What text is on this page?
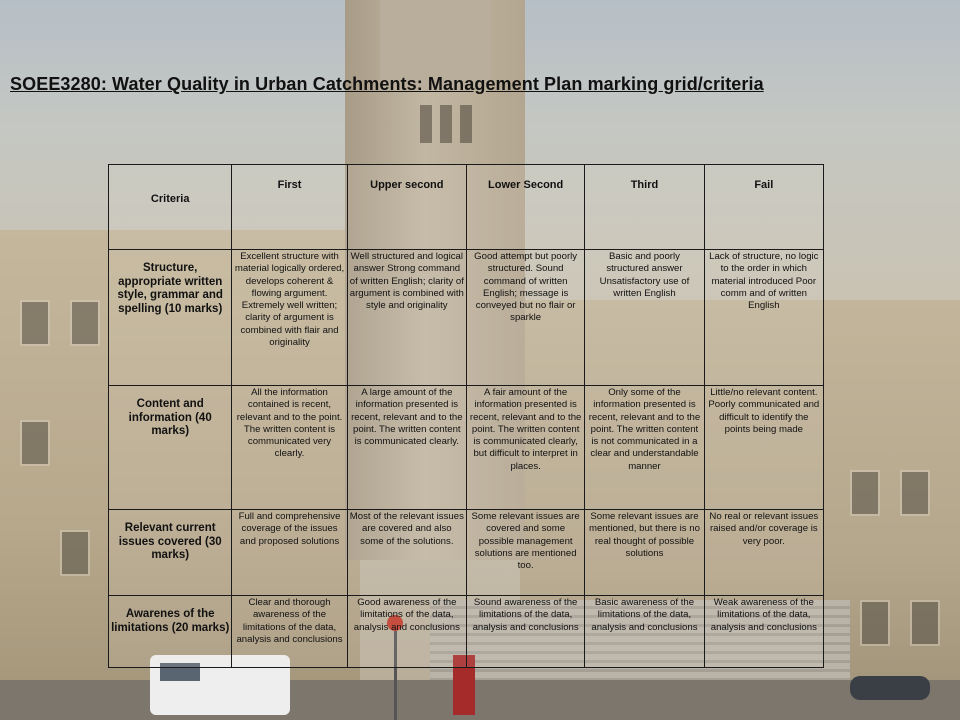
SOEE3280: Water Quality in Urban Catchments: Management Plan marking grid/criteria
Criteria	First	Upper second	Lower Second	Third	Fail
Structure, appropriate written style, grammar and spelling (10 marks)	Excellent structure with material logically ordered, develops coherent & flowing argument. Extremely well written; clarity of argument is combined with flair and originality	Well structured and logical answer Strong command of written English; clarity of argument is combined with style and originality	Good attempt but poorly structured. Sound command of written English; message is conveyed but no flair or sparkle	Basic and poorly structured answer Unsatisfactory use of written English	Lack of structure, no logic to the order in which material introduced Poor comm and of written English
Content and information (40 marks)	All the information contained is recent, relevant and to the point. The written content is communicated very clearly.	A large amount of the information presented is recent, relevant and to the point. The written content is communicated clearly.	A fair amount of the information presented is recent, relevant and to the point. The written content is communicated clearly, but difficult to interpret in places.	Only some of the information presented is recent, relevant and to the point. The written content is not communicated in a clear and understandable manner	Little/no relevant content. Poorly communicated and difficult to identify the points being made
Relevant current issues covered (30 marks)	Full and comprehensive coverage of the issues and proposed solutions	Most of the relevant issues are covered and also some of the solutions.	Some relevant issues are covered and some possible management solutions are mentioned too.	Some relevant issues are mentioned, but there is no real thought of possible solutions	No real or relevant issues raised and/or coverage is very poor.
Awarenes of the limitations (20 marks)	Clear and thorough awareness of the limitations of the data, analysis and conclusions	Good awareness of the limitations of the data, analysis and conclusions	Sound awareness of the limitations of the data, analysis and conclusions	Basic awareness of the limitations of the data, analysis and conclusions	Weak awareness of the limitations of the data, analysis and conclusions
